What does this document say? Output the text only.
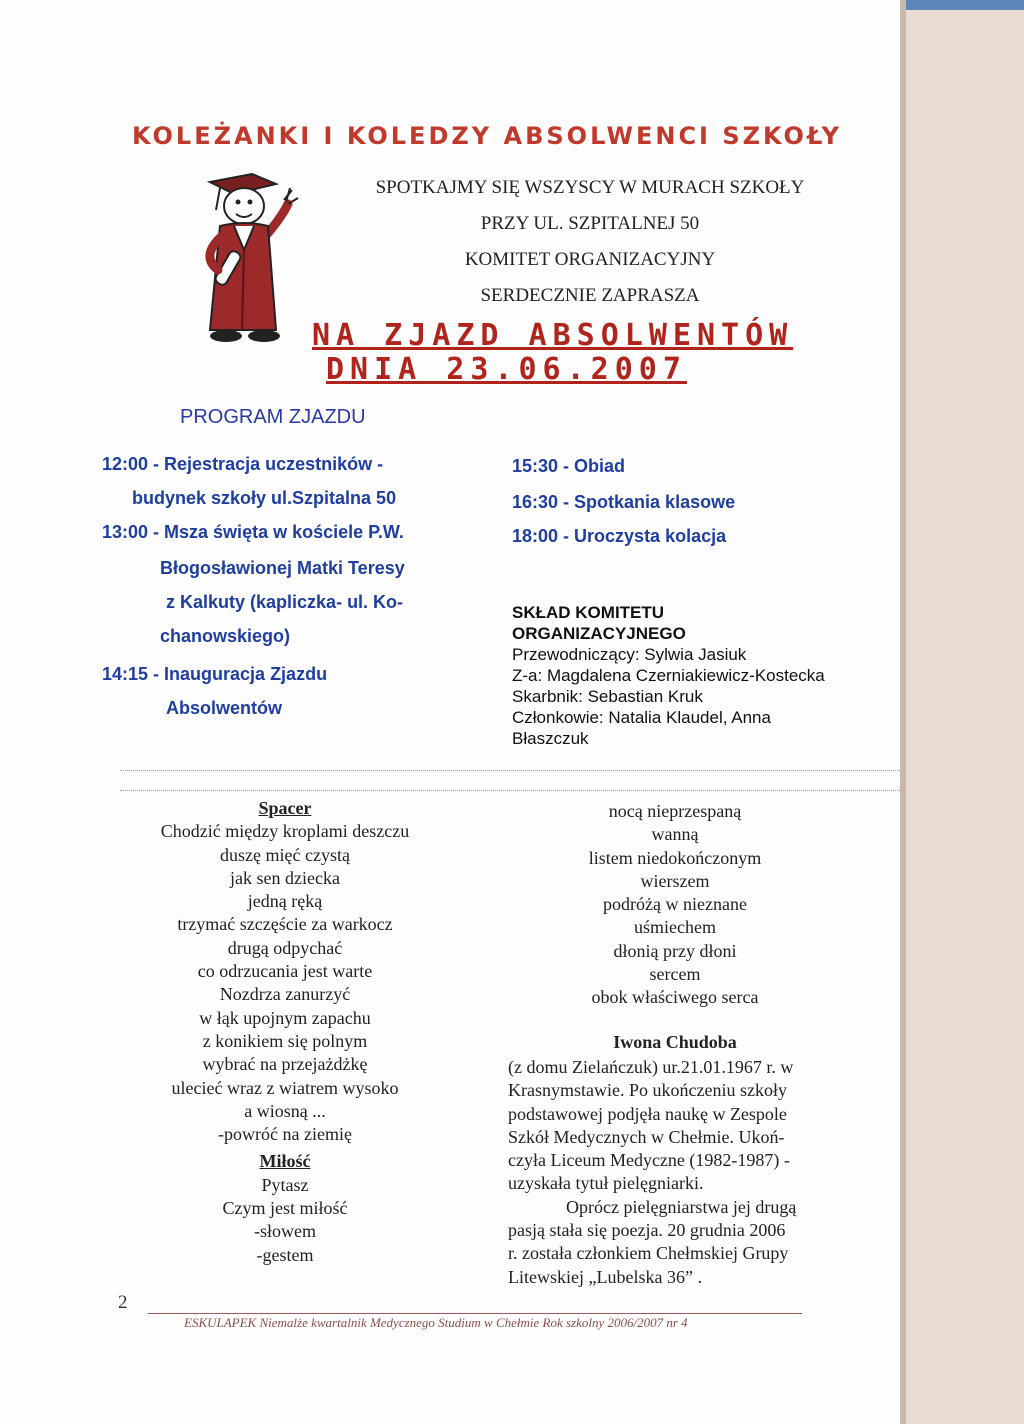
KOLEŻANKI I KOLEDZY ABSOLWENCI SZKOŁY
SPOTKAJMY SIĘ WSZYSCY W MURACH SZKOŁY
PRZY UL. SZPITALNEJ 50
KOMITET ORGANIZACYJNY
SERDECZNIE ZAPRASZA
NA ZJAZD ABSOLWENTÓW
DNIA 23.06.2007
PROGRAM ZJAZDU
12:00 - Rejestracja uczestników -
budynek szkoły ul.Szpitalna 50
13:00 - Msza święta w kościele P.W.
Błogosławionej Matki Teresy
z Kalkuty (kapliczka- ul. Ko-
chanowskiego)
14:15 - Inauguracja Zjazdu
Absolwentów
15:30 - Obiad
16:30 - Spotkania klasowe
18:00 - Uroczysta kolacja
SKŁAD KOMITETU
ORGANIZACYJNEGO
Przewodniczący: Sylwia Jasiuk
Z-a: Magdalena Czerniakiewicz-Kostecka
Skarbnik: Sebastian Kruk
Członkowie: Natalia Klaudel, Anna
Błaszczuk
Spacer
Chodzić między kroplami deszczu
duszę mięć czystą
jak sen dziecka
jedną ręką
trzymać szczęście za warkocz
drugą odpychać
co odrzucania jest warte
Nozdrza zanurzyć
w łąk upojnym zapachu
z konikiem się polnym
wybrać na przejażdżkę
ulecieć wraz z wiatrem wysoko
a wiosną ...
-powróć na ziemię
Miłość
Pytasz
Czym jest miłość
-słowem
-gestem
nocą nieprzespaną
wanną
listem niedokończonym
wierszem
podróżą w nieznane
uśmiechem
dłonią przy dłoni
sercem
obok właściwego serca
Iwona Chudoba
(z domu Zielańczuk) ur.21.01.1967 r. w
Krasnymstawie. Po ukończeniu szkoły
podstawowej podjęła naukę w Zespole
Szkół Medycznych w Chełmie. Ukoń-
czyła Liceum Medyczne (1982-1987) -
uzyskała tytuł pielęgniarki.
Oprócz pielęgniarstwa jej drugą
pasją stała się poezja. 20 grudnia 2006
r. została członkiem Chełmskiej Grupy
Litewskiej „Lubelska 36” .
2
ESKULAPEK Niemalże kwartalnik Medycznego Studium w Chełmie Rok szkolny 2006/2007 nr 4
